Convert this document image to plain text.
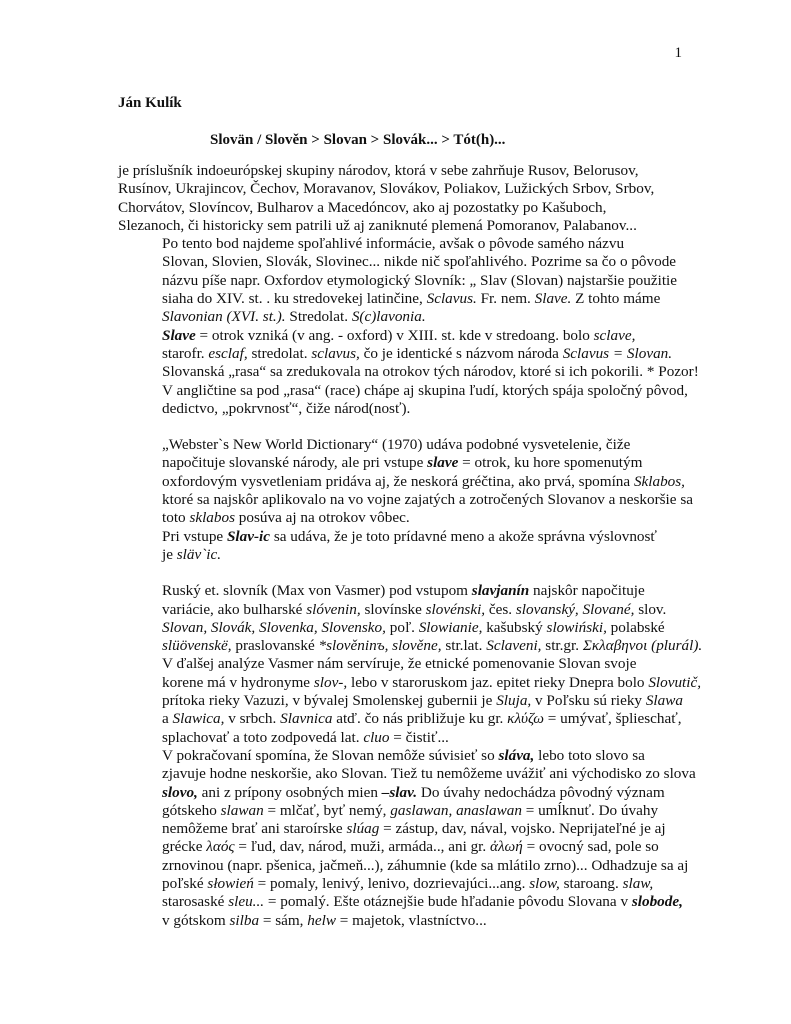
1
Ján Kulík
Slovän / Slověn > Slovan > Slovák... > Tót(h)...

je príslušník indoeurópskej skupiny národov, ktorá v sebe zahrňuje Rusov, Belorusov,
Rusínov, Ukrajincov, Čechov, Moravanov, Slovákov, Poliakov, Lužických Srbov, Srbov,
Chorvátov, Slovíncov, Bulharov a Macedóncov, ako aj pozostatky po Kašuboch,
Slezanoch, či historicky sem patrili už aj zaniknuté plemená Pomoranov, Palabanov...

Po tento bod najdeme spoľahlivé informácie, avšak o pôvode samého názvu
Slovan, Slovien, Slovák, Slovinec... nikde nič spoľahlivého. Pozrime sa čo o pôvode
názvu píše napr. Oxfordov etymologický Slovník: „ Slav (Slovan) najstaršie použitie
siaha do XIV. st. . ku stredovekej latinčine, Sclavus. Fr. nem. Slave. Z tohto máme
Slavonian (XVI. st.). Stredolat. S(c)lavonia.

Slave = otrok vzniká (v ang. - oxford) v XIII. st. kde v stredoang. bolo sclave,
starofr. esclaf, stredolat. sclavus, čo je identické s názvom národa Sclavus = Slovan.
Slovanská „rasa“ sa zredukovala na otrokov tých národov, ktoré si ich pokorili. * Pozor!
V angličtine sa pod „rasa“ (race) chápe aj skupina ľudí, ktorých spája spoločný pôvod,
dedictvo, „pokrvnosť“, čiže národ(nosť).

„Webster`s New World Dictionary“ (1970) udáva podobné vysvetelenie, čiže
napočituje slovanské národy, ale pri vstupe slave = otrok, ku hore spomenutým
oxfordovým vysvetleniam pridáva aj, že neskorá gréčtina, ako prvá, spomína Sklabos,
ktoré sa najskôr aplikovalo na vo vojne zajatých a zotročených Slovanov a neskoršie sa
toto sklabos posúva aj na otrokov vôbec.

Pri vstupe Slav-ic sa udáva, že je toto prídavné meno a akože správna výslovnosť
je släv`ic.

Ruský et. slovník (Max von Vasmer) pod vstupom slavjanín najskôr napočituje
variácie, ako bulharské slóvenin, slovínske slovénski, čes. slovanský, Slované, slov.
Slovan, Slovák, Slovenka, Slovensko, poľ. Slowianie, kašubský slowiński, polabské
slüövenskë, praslovanské *slověninъ, slověne, str.lat. Sclaveni, str.gr. Σκλαβηνοι (plurál).

V ďalšej analýze Vasmer nám servíruje, že etnické pomenovanie Slovan svoje
korene má v hydronyme slov-, lebo v staroruskom jaz. epitet rieky Dnepra bolo Slovutič,
prítoka rieky Vazuzi, v bývalej Smolenskej gubernii je Sluja, v Poľsku sú rieky Slawa
a Slawica, v srbch. Slavnica atď. čo nás približuje ku gr. κλύζω = umývať, šplieschať,
splachovať a toto zodpovedá lat. cluo = čistiť...

V pokračovaní spomína, že Slovan nemôže súvisieť so sláva, lebo toto slovo sa
zjavuje hodne neskoršie, ako Slovan. Tiež tu nemôžeme uvážiť ani východisko zo slova
slovo, ani z prípony osobných mien –slav. Do úvahy nedochádza pôvodný význam
gótskeho slawan = mlčať, byť nemý, gaslawan, anaslawan = umĺknuť. Do úvahy
nemôžeme brať ani staroírske slúag = zástup, dav, nával, vojsko. Neprijateľné je aj
grécke λαός = ľud, dav, národ, muži, armáda.., ani gr. ἀλωή = ovocný sad, pole so
zrnovinou (napr. pšenica, jačmeň...), záhumnie (kde sa mlátilo zrno)... Odhadzuje sa aj
poľské słowień = pomaly, lenivý, lenivo, dozrievajúci...ang. slow, staroang. slaw,
starosaské sleu... = pomalý. Ešte otáznejšie bude hľadanie pôvodu Slovana v slobode,
v gótskom silba = sám, helw = majetok, vlastníctvo...
